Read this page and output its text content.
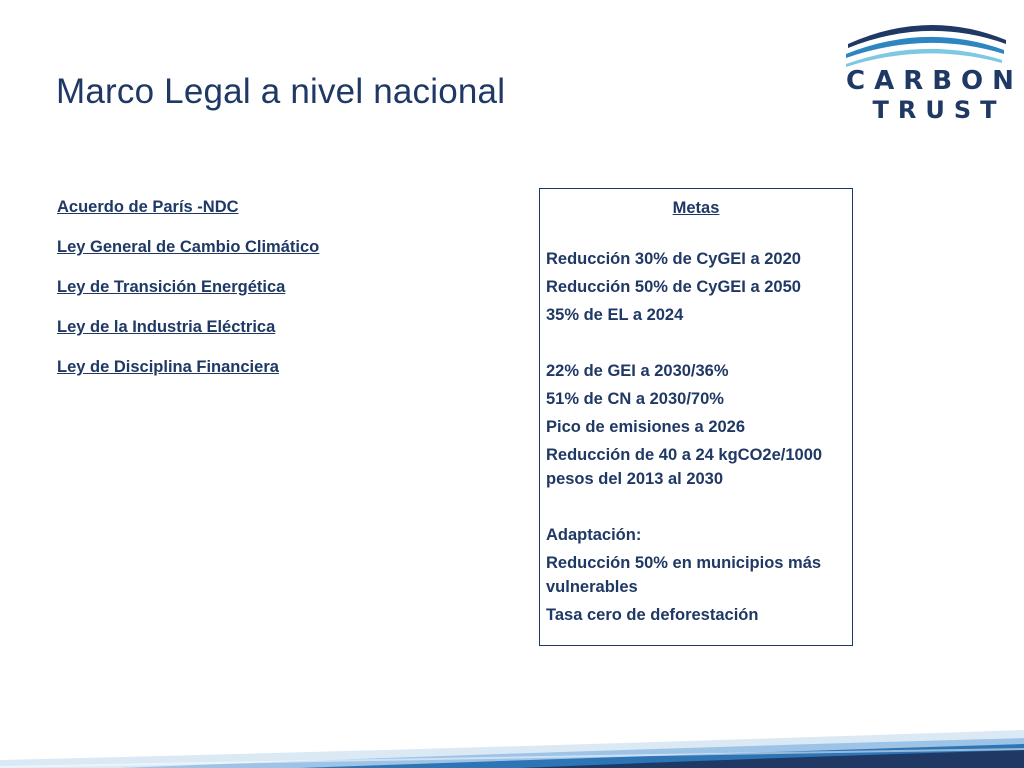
Marco Legal a nivel nacional	CARBON
TRUST
Acuerdo de París -NDC
Ley General de Cambio Climático
Ley de Transición Energética
Ley de la Industria Eléctrica
Ley de Disciplina Financiera

Metas

Reducción 30% de CyGEI a 2020

Reducción 50% de CyGEI a 2050

35% de EL a 2024

22% de GEI a 2030/36%

51% de CN a 2030/70%

Pico de emisiones a 2026

Reducción de 40 a 24 kgCO2e/1000 pesos del 2013 al 2030

Adaptación:

Reducción 50% en municipios más vulnerables

Tasa cero de deforestación
